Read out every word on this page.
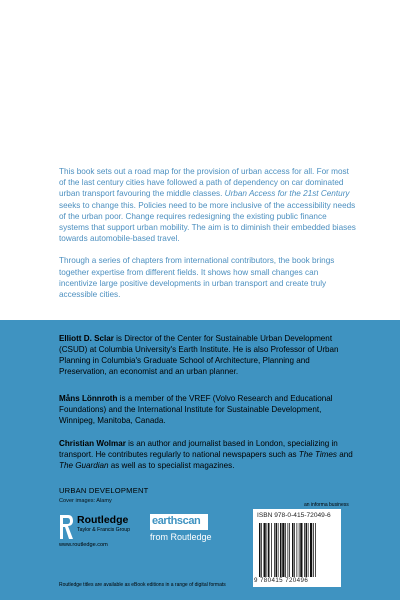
This book sets out a road map for the provision of urban access for all. For most of the last century cities have followed a path of dependency on car dominated urban transport favouring the middle classes. Urban Access for the 21st Century seeks to change this. Policies need to be more inclusive of the accessibility needs of the urban poor. Change requires redesigning the existing public finance systems that support urban mobility. The aim is to diminish their embedded biases towards automobile-based travel.

Through a series of chapters from international contributors, the book brings together expertise from different fields. It shows how small changes can incentivize large positive developments in urban transport and create truly accessible cities.

Elliott D. Sclar is Director of the Center for Sustainable Urban Development (CSUD) at Columbia University's Earth Institute. He is also Professor of Urban Planning in Columbia's Graduate School of Architecture, Planning and Preservation, an economist and an urban planner.
Måns Lönnroth is a member of the VREF (Volvo Research and Educational Foundations) and the International Institute for Sustainable Development, Winnipeg, Manitoba, Canada.
Christian Wolmar is an author and journalist based in London, specializing in transport. He contributes regularly to national newspapers such as The Times and The Guardian as well as to specialist magazines.
URBAN DEVELOPMENT
Cover images: Alamy
Routledge
Taylor & Francis Group
www.routledge.com
earthscan
from Routledge
an informa business
ISBN 978-0-415-72049-6
9 780415 720496
Routledge titles are available as eBook editions in a range of digital formats
